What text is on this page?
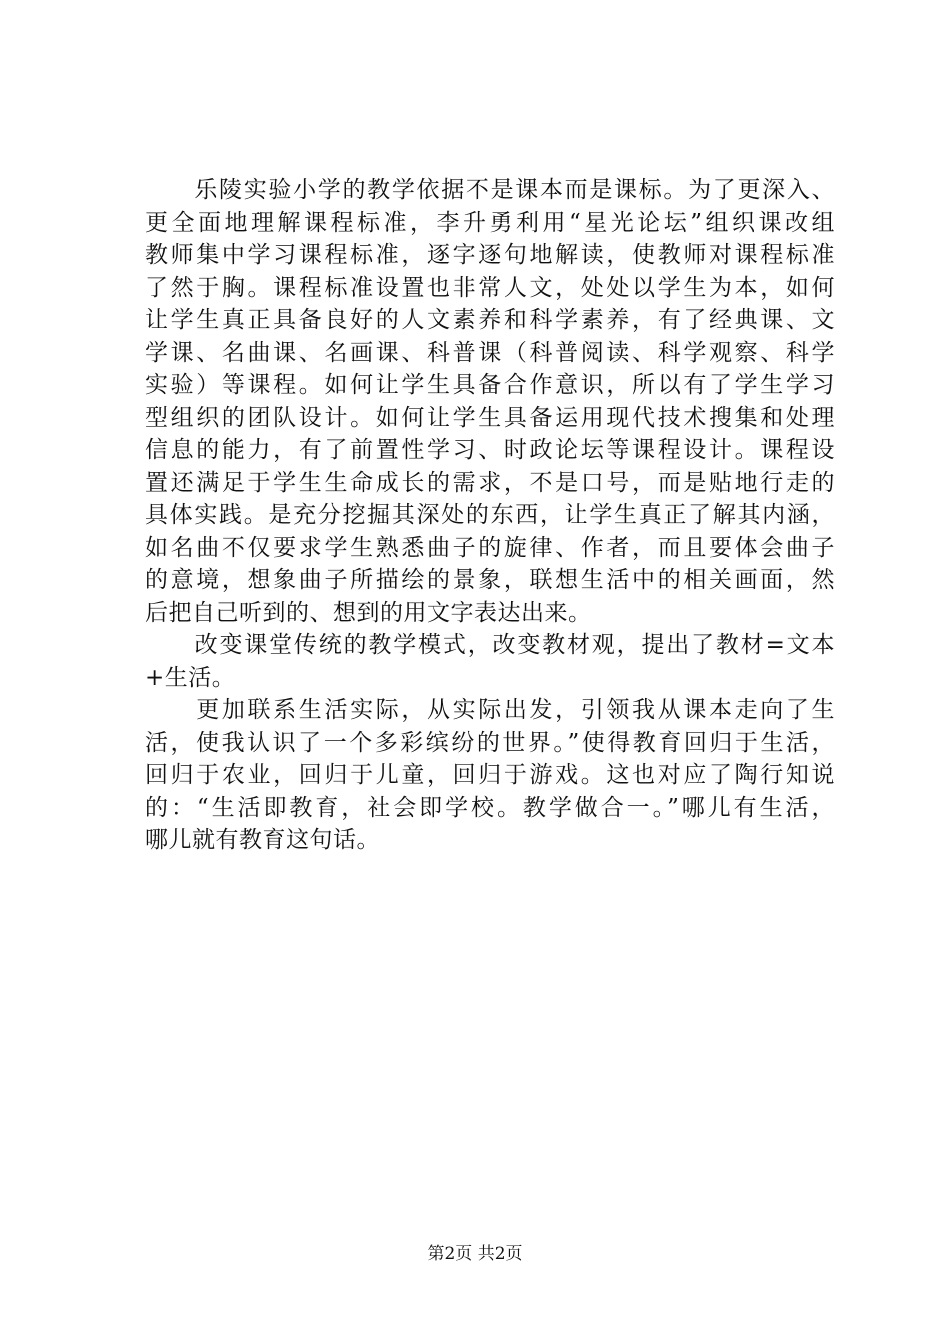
　　乐陵实验小学的教学依据不是课本而是课标。为了更深入、
更全面地理解课程标准，李升勇利用“星光论坛”组织课改组
教师集中学习课程标准，逐字逐句地解读，使教师对课程标准
了然于胸。课程标准设置也非常人文，处处以学生为本，如何
让学生真正具备良好的人文素养和科学素养，有了经典课、文
学课、名曲课、名画课、科普课（科普阅读、科学观察、科学
实验）等课程。如何让学生具备合作意识，所以有了学生学习
型组织的团队设计。如何让学生具备运用现代技术搜集和处理
信息的能力，有了前置性学习、时政论坛等课程设计。课程设
置还满足于学生生命成长的需求，不是口号，而是贴地行走的
具体实践。是充分挖掘其深处的东西，让学生真正了解其内涵，
如名曲不仅要求学生熟悉曲子的旋律、作者，而且要体会曲子
的意境，想象曲子所描绘的景象，联想生活中的相关画面，然
后把自己听到的、想到的用文字表达出来。
　　改变课堂传统的教学模式，改变教材观，提出了教材=文本
+生活。
　　更加联系生活实际，从实际出发，引领我从课本走向了生
活，使我认识了一个多彩缤纷的世界。”使得教育回归于生活，
回归于农业，回归于儿童，回归于游戏。这也对应了陶行知说
的：“生活即教育，社会即学校。教学做合一。”哪儿有生活，
哪儿就有教育这句话。
第2页 共2页
